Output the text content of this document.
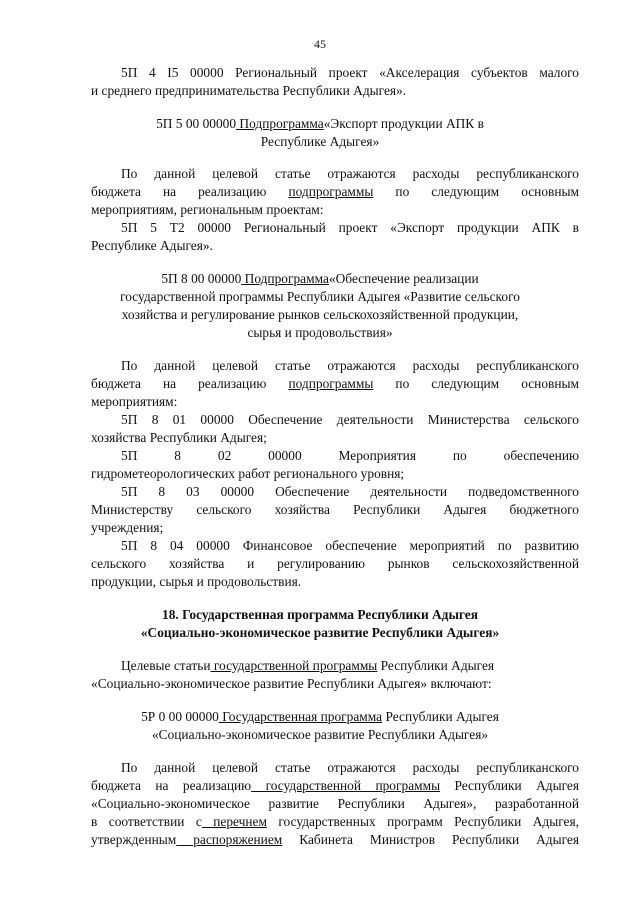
45
5П 4 I5 00000 Региональный проект «Акселерация субъектов малого
и среднего предпринимательства Республики Адыгея».
5П 5 00 00000 Подпрограмма«Экспорт продукции АПК в
Республике Адыгея»
По данной целевой статье отражаются расходы республиканского
бюджета на реализацию подпрограммы по следующим основным
мероприятиям, региональным проектам:
5П 5 Т2 00000 Региональный проект «Экспорт продукции АПК в
Республике Адыгея».
5П 8 00 00000 Подпрограмма«Обеспечение реализации
государственной программы Республики Адыгея «Развитие сельского
хозяйства и регулирование рынков сельскохозяйственной продукции,
сырья и продовольствия»
По данной целевой статье отражаются расходы республиканского
бюджета на реализацию подпрограммы по следующим основным
мероприятиям:
5П 8 01 00000 Обеспечение деятельности Министерства сельского
хозяйства Республики Адыгея;
5П 8 02 00000 Мероприятия по обеспечению
гидрометеорологических работ регионального уровня;
5П 8 03 00000 Обеспечение деятельности подведомственного
Министерству сельского хозяйства Республики Адыгея бюджетного
учреждения;
5П 8 04 00000 Финансовое обеспечение мероприятий по развитию
сельского хозяйства и регулированию рынков сельскохозяйственной
продукции, сырья и продовольствия.
18. Государственная программа Республики Адыгея
«Социально-экономическое развитие Республики Адыгея»
Целевые статьи государственной программы Республики Адыгея
«Социально-экономическое развитие Республики Адыгея» включают:
5Р 0 00 00000 Государственная программа Республики Адыгея
«Социально-экономическое развитие Республики Адыгея»
По данной целевой статье отражаются расходы республиканского
бюджета на реализацию государственной программы Республики Адыгея
«Социально-экономическое развитие Республики Адыгея», разработанной
в соответствии с перечнем государственных программ Республики Адыгея,
утвержденным распоряжением Кабинета Министров Республики Адыгея
